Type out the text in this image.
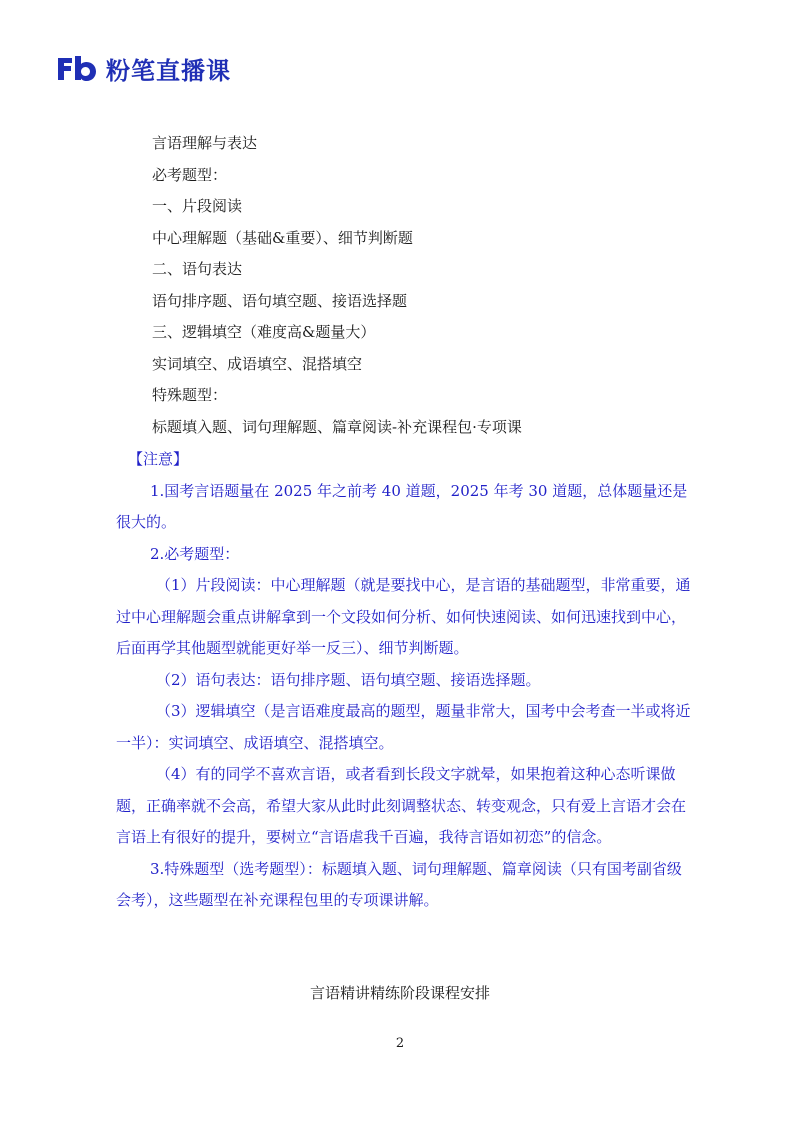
粉笔直播课
言语理解与表达
必考题型：
一、片段阅读
中心理解题（基础&重要）、细节判断题
二、语句表达
语句排序题、语句填空题、接语选择题
三、逻辑填空（难度高&题量大）
实词填空、成语填空、混搭填空
特殊题型：
标题填入题、词句理解题、篇章阅读-补充课程包·专项课

【注意】

1.国考言语题量在 2025 年之前考 40 道题，2025 年考 30 道题，总体题量还是很大的。

2.必考题型：

（1）片段阅读：中心理解题（就是要找中心，是言语的基础题型，非常重要，通过中心理解题会重点讲解拿到一个文段如何分析、如何快速阅读、如何迅速找到中心，后面再学其他题型就能更好举一反三）、细节判断题。

（2）语句表达：语句排序题、语句填空题、接语选择题。

（3）逻辑填空（是言语难度最高的题型，题量非常大，国考中会考查一半或将近一半）：实词填空、成语填空、混搭填空。

（4）有的同学不喜欢言语，或者看到长段文字就晕，如果抱着这种心态听课做题，正确率就不会高，希望大家从此时此刻调整状态、转变观念，只有爱上言语才会在言语上有很好的提升，要树立“言语虐我千百遍，我待言语如初恋”的信念。

3.特殊题型（选考题型）：标题填入题、词句理解题、篇章阅读（只有国考副省级会考），这些题型在补充课程包里的专项课讲解。

言语精讲精练阶段课程安排
2
